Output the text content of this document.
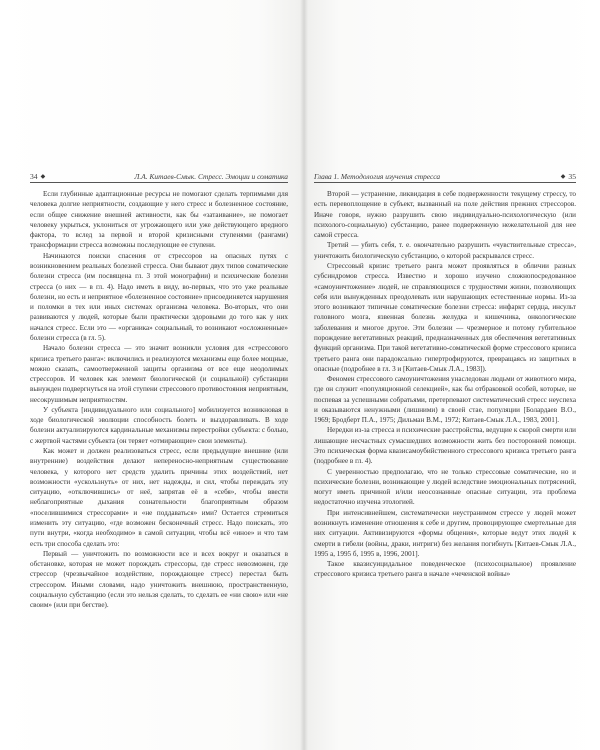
34 ◆	Л.А. Китаев-Смык. Стресс. Эмоции и соматика

Если глубинные адаптационные ресурсы не помогают сделать терпимыми для человека долгие неприятности, создающие у него стресс и болезненное состояние, если общее снижение внешней активности, как бы «затаивание», не помогает человеку укрыться, уклониться от угрожающего или уже действующего вредного фактора, то вслед за первой и второй кризисными ступенями (рангами) трансформации стресса возможны последующие ее ступени.

Начинаются поиски спасения от стрессоров на опасных путях с возникновением реальных болезней стресса. Они бывают двух типов соматические болезни стресса (им посвящена гл. 3 этой монографии) и психические болезни стресса (о них — в гл. 4). Надо иметь в виду, во-первых, что это уже реальные болезни, но есть и неприятное «болезненное состояние» присоединяется нарушения и поломки в тех или иных системах организма человека. Во-вторых, что они развиваются у людей, которые были практически здоровыми до того как у них начался стресс. Если это — «органика» социальный, то возникают «осложненные» болезни стресса (в гл. 5).

Начало болезни стресса — это значит возникли условия для «стрессового кризиса третьего ранга»: включились и реализуются механизмы еще более мощные, можно сказать, самоотверженной защиты организма от все еще неодолимых стрессоров. И человек как элемент биологической (и социальной) субстанции вынужден подвергнуться на этой ступени стрессового противостояния неприятным, несокрушимым неприятностям.

У субъекта [индивидуального или социального] мобилизуется возникновая в ходе биологической эволюции способность болеть и выздоравливать. В ходе болезни актуализируются кардинальные механизмы перестройки субъекта: с болью, с жертвой частями субъекта (он теряет «отмирающие» свои элементы).

Как может и должен реализоваться стресс, если предыдущие внешние (или внутренние) воздействия делают непереносно-неприятным существование человека, у которого нет средств удалить причины этих воздействий, нет возможности «ускользнуть» от них, нет надежды, и сил, чтобы переждать эту ситуацию, «отключившись» от неё, запрятав её в «себя», чтобы ввести неблагоприятные дыхания сознательности благоприятным образом «поселившимися стрессорами» и «не поддаваться» ими? Остается стремиться изменить эту ситуацию, «где возможен бесконечный стресс. Надо поискать, это пути внутри, «когда необходимо» в самой ситуации, чтобы всё «иное» и что там есть три способа сделать это:

Первый — уничтожить по возможности все и всех вокруг и оказаться в обстановке, которая не может порождать стрессоры, где стресс невозможен, где стрессор (чрезвычайное воздействие, порождающее стресс) перестал быть стрессором. Иными словами, надо уничтожить внешнюю, пространственную, социальную субстанцию (если это нельзя сделать, то сделать ее «ни свою» или «не своим» (или при бегстве).

Глава 1. Методология изучения стресса	◆ 35

Второй — устранение, ликвидация в себе подверженности текущему стрессу, то есть перевоплощение в субъект, вызванный на поле действия прежних стрессоров. Иначе говоря, нужно разрушить свою индивидуально-психологическую (или психолого-социальную) субстанцию, ранее подверженную нежелательной для нее самой стресса.

Третий — убить себя, т. е. окончательно разрушить «чувствительные стресса», уничтожить биологическую субстанцию, о которой раскрывался стресс.

Стрессовый кризис третьего ранга может проявляться в обличии разных субсиндромов стресса. Известно и хорошо изучено сложнопосредованное «самоуничтожение» людей, не справляющихся с трудностями жизни, позволяющих себя или вынужденных преодолевать или нарушающих естественные нормы. Из-за этого возникают типичные соматические болезни стресса: инфаркт сердца, инсульт головного мозга, язвенная болезнь желудка и кишечника, онкологические заболевания и многое другое. Эти болезни — чрезмерное и потому губительное порождение вегетативных реакций, предназначенных для обеспечения вегетативных функций организма. При такой вегетативно-соматической форме стрессового кризиса третьего ранга они парадоксально гипертрофируются, превращаясь из защитных в опасные (подробнее в гл. 3 и [Китаев-Смык Л.А., 1983]).

Феномен стрессового самоуничтожения унаследован людьми от животного мира, где он служит «популяционной селекцией», как бы отбраковкой особей, которые, не поспевая за успешными собратьями, претерпевают систематический стресс неуспеха и оказываются ненужными (лишними) в своей стае, популяции [Болардаев В.О., 1969; Бродберт П.А., 1975; Дильман В.М., 1972; Китаев-Смык Л.А., 1983, 2001].

Нередки из-за стресса и психические расстройства, ведущие к скорой смерти или лишающие несчастных сумасшедших возможности жить без посторонней помощи. Это психическая форма квазисамоубийственного стрессового кризиса третьего ранга (подробнее в гл. 4).

С уверенностью предполагаю, что не только стрессовые соматические, но и психические болезни, возникающие у людей вследствие эмоциональных потрясений, могут иметь причиной и/или неосознанные опасные ситуации, эта проблема недостаточно изучена этологией.

При интенсивнейшем, систематически неустранимом стрессе у людей может возникнуть изменение отношения к себе и другим, провоцирующее смертельные для них ситуации. Активизируются «формы общения», которые ведут этих людей к смерти в гибели (войны, драки, интриги) без желания погибнуть [Китаев-Смык Л.А., 1995 а, 1995 б, 1995 в, 1996, 2001].

Такое квазисуицидальное поведенческое (психосоциальное) проявление стрессового кризиса третьего ранга в начале «чеченской войны»
